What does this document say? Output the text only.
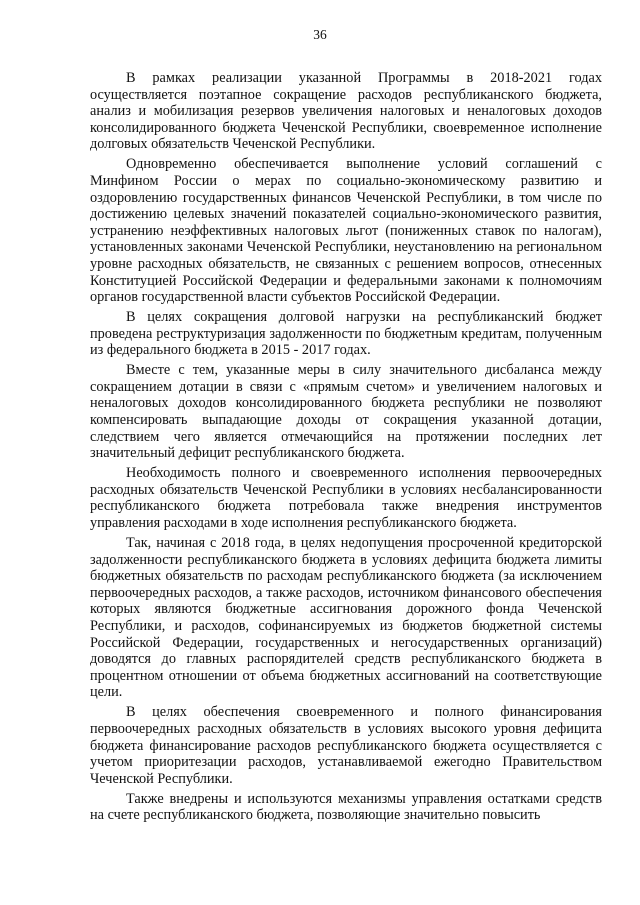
36

В рамках реализации указанной Программы в 2018-2021 годах осуществляется поэтапное сокращение расходов республиканского бюджета, анализ и мобилизация резервов увеличения налоговых и неналоговых доходов консолидированного бюджета Чеченской Республики, своевременное исполнение долговых обязательств Чеченской Республики.

Одновременно обеспечивается выполнение условий соглашений с Минфином России о мерах по социально-экономическому развитию и оздоровлению государственных финансов Чеченской Республики, в том числе по достижению целевых значений показателей социально-экономического развития, устранению неэффективных налоговых льгот (пониженных ставок по налогам), установленных законами Чеченской Республики, неустановлению на региональном уровне расходных обязательств, не связанных с решением вопросов, отнесенных Конституцией Российской Федерации и федеральными законами к полномочиям органов государственной власти субъектов Российской Федерации.

В целях сокращения долговой нагрузки на республиканский бюджет проведена реструктуризация задолженности по бюджетным кредитам, полученным из федерального бюджета в 2015 - 2017 годах.

Вместе с тем, указанные меры в силу значительного дисбаланса между сокращением дотации в связи с «прямым счетом» и увеличением налоговых и неналоговых доходов консолидированного бюджета республики не позволяют компенсировать выпадающие доходы от сокращения указанной дотации, следствием чего является отмечающийся на протяжении последних лет значительный дефицит республиканского бюджета.

Необходимость полного и своевременного исполнения первоочередных расходных обязательств Чеченской Республики в условиях несбалансированности республиканского бюджета потребовала также внедрения инструментов управления расходами в ходе исполнения республиканского бюджета.

Так, начиная с 2018 года, в целях недопущения просроченной кредиторской задолженности республиканского бюджета в условиях дефицита бюджета лимиты бюджетных обязательств по расходам республиканского бюджета (за исключением первоочередных расходов, а также расходов, источником финансового обеспечения которых являются бюджетные ассигнования дорожного фонда Чеченской Республики, и расходов, софинансируемых из бюджетов бюджетной системы Российской Федерации, государственных и негосударственных организаций) доводятся до главных распорядителей средств республиканского бюджета в процентном отношении от объема бюджетных ассигнований на соответствующие цели.

В целях обеспечения своевременного и полного финансирования первоочередных расходных обязательств в условиях высокого уровня дефицита бюджета финансирование расходов республиканского бюджета осуществляется с учетом приоритезации расходов, устанавливаемой ежегодно Правительством Чеченской Республики.

Также внедрены и используются механизмы управления остатками средств на счете республиканского бюджета, позволяющие значительно повысить
